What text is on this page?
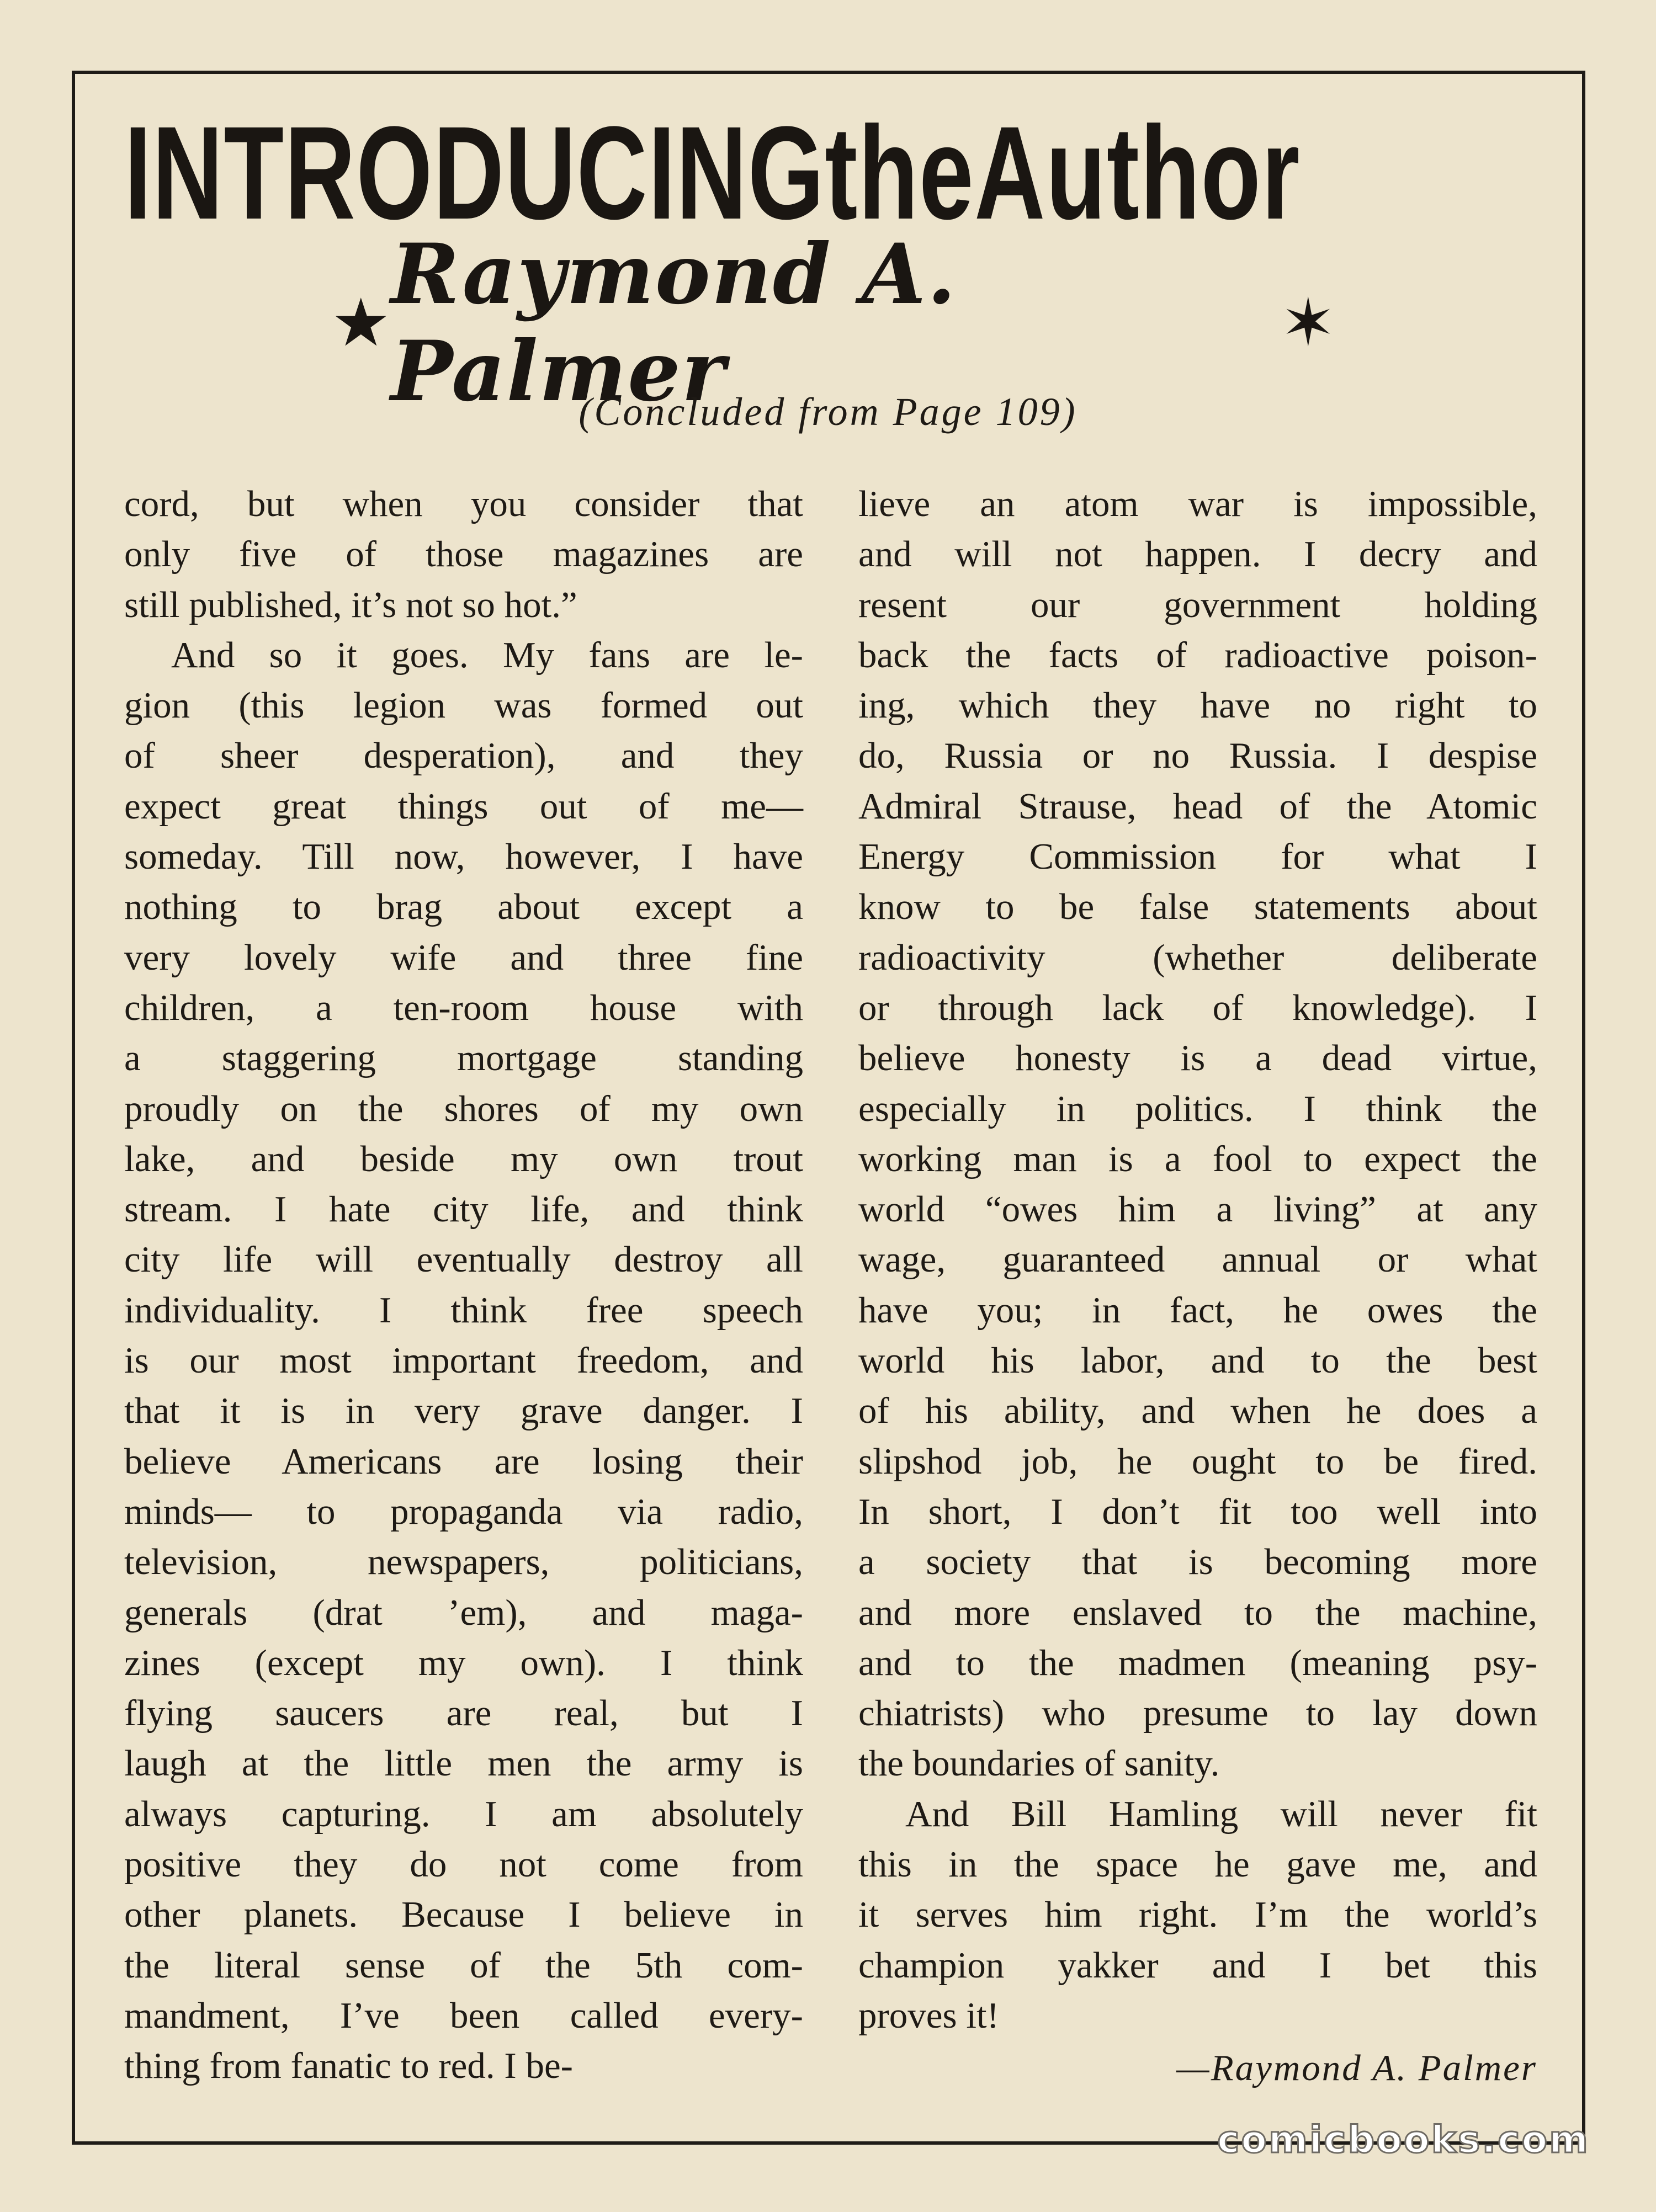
INTRODUCING the Author
★ Raymond A. Palmer	✶
(Concluded from Page 109)
cord, but when you consider that
only five of those magazines are
still published, it’s not so hot.”
And so it goes. My fans are le-
gion (this legion was formed out
of sheer desperation), and they
expect great things out of me—
someday. Till now, however, I have
nothing to brag about except a
very lovely wife and three fine
children, a ten-room house with
a staggering mortgage standing
proudly on the shores of my own
lake, and beside my own trout
stream. I hate city life, and think
city life will eventually destroy all
individuality. I think free speech
is our most important freedom, and
that it is in very grave danger. I
believe Americans are losing their
minds— to propaganda via radio,
television, newspapers, politicians,
generals (drat ’em), and maga-
zines (except my own). I think
flying saucers are real, but I
laugh at the little men the army is
always capturing. I am absolutely
positive they do not come from
other planets. Because I believe in
the literal sense of the 5th com-
mandment, I’ve been called every-
thing from fanatic to red. I be-
lieve an atom war is impossible,
and will not happen. I decry and
resent our government holding
back the facts of radioactive poison-
ing, which they have no right to
do, Russia or no Russia. I despise
Admiral Strause, head of the Atomic
Energy Commission for what I
know to be false statements about
radioactivity (whether deliberate
or through lack of knowledge). I
believe honesty is a dead virtue,
especially in politics. I think the
working man is a fool to expect the
world “owes him a living” at any
wage, guaranteed annual or what
have you; in fact, he owes the
world his labor, and to the best
of his ability, and when he does a
slipshod job, he ought to be fired.
In short, I don’t fit too well into
a society that is becoming more
and more enslaved to the machine,
and to the madmen (meaning psy-
chiatrists) who presume to lay down
the boundaries of sanity.
And Bill Hamling will never fit
this in the space he gave me, and
it serves him right. I’m the world’s
champion yakker and I bet this
proves it!
—Raymond A. Palmer
comicbooks.com
